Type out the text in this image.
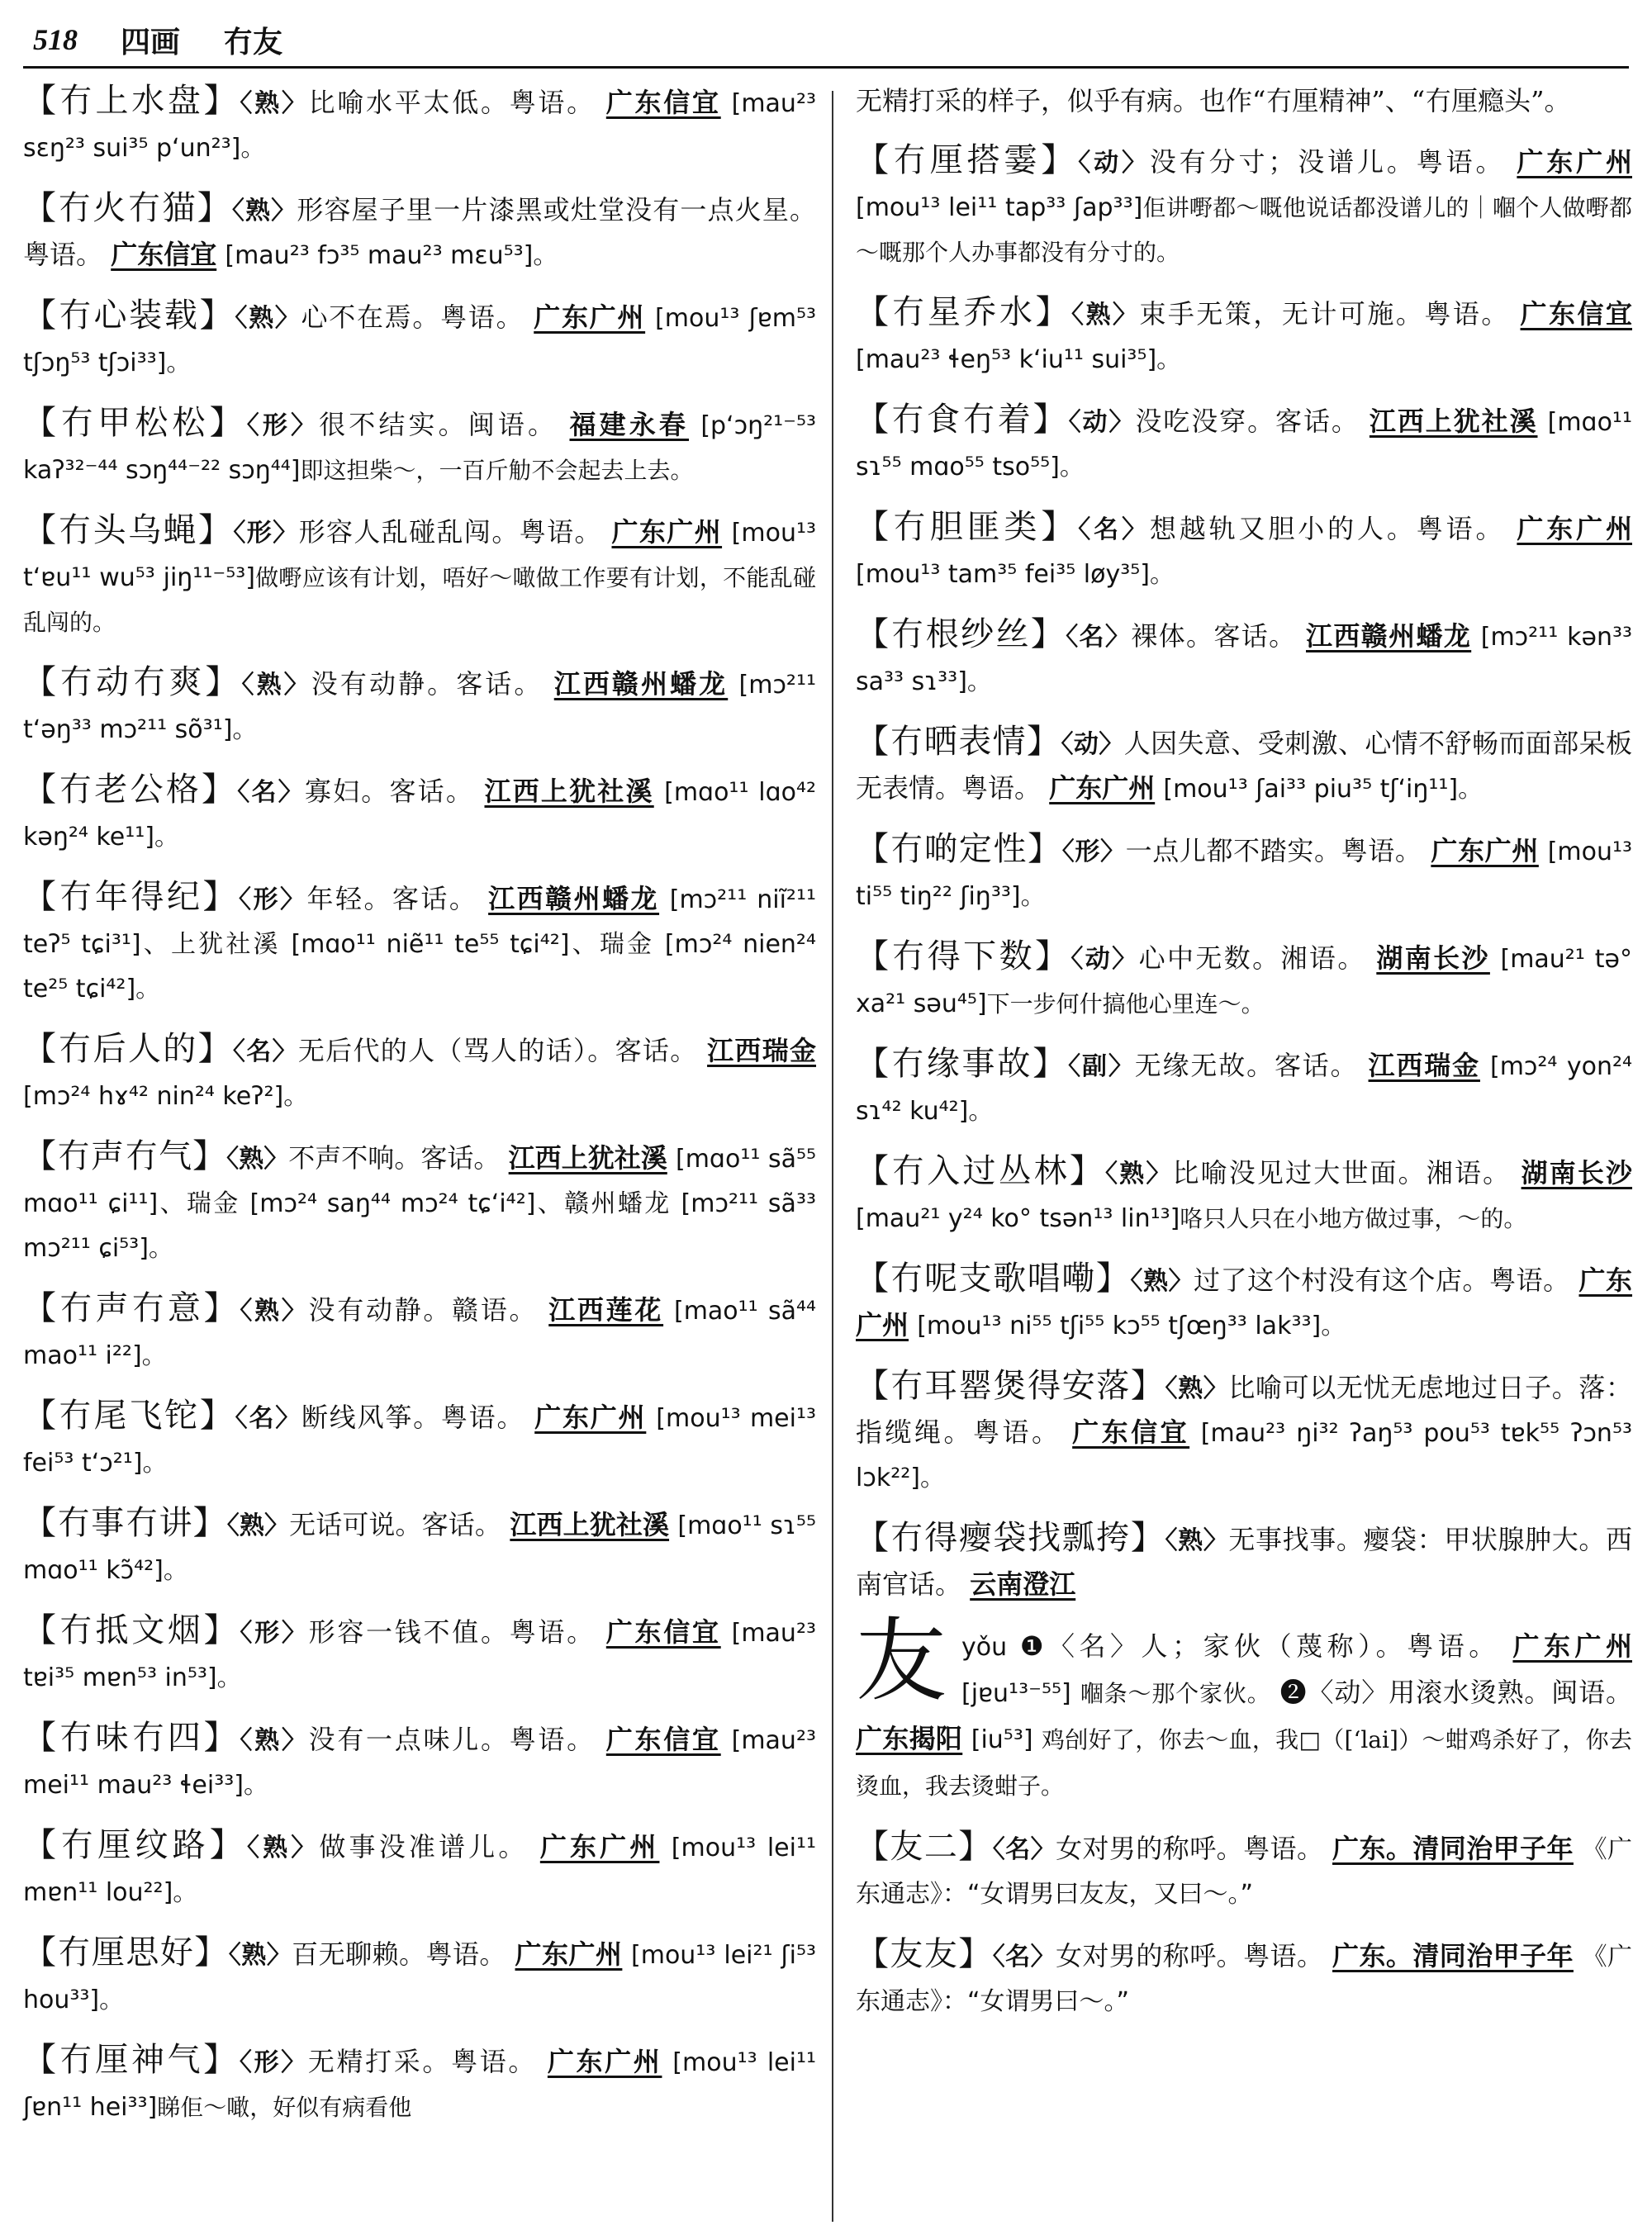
518 四画 冇友
【冇上水盘】〈熟〉比喻水平太低。粤语。 广东信宜 [mau²³ sɛŋ²³ sui³⁵ pʻun²³]。
【冇火冇猫】〈熟〉形容屋子里一片漆黑或灶堂没有一点火星。粤语。 广东信宜 [mau²³ fɔ³⁵ mau²³ mɛu⁵³]。
【冇心装载】〈熟〉心不在焉。粤语。 广东广州 [mou¹³ ʃɐm⁵³ tʃɔŋ⁵³ tʃɔi³³]。
【冇甲松松】〈形〉很不结实。闽语。 福建永春 [pʻɔŋ²¹⁻⁵³ kaʔ³²⁻⁴⁴ sɔŋ⁴⁴⁻²² sɔŋ⁴⁴]即这担柴～，一百斤觔不会起去上去。
【冇头乌蝇】〈形〉形容人乱碰乱闯。粤语。 广东广州 [mou¹³ tʻɐu¹¹ wu⁵³ jiŋ¹¹⁻⁵³]做嘢应该有计划，唔好～噉做工作要有计划，不能乱碰乱闯的。
【冇动冇爽】〈熟〉没有动静。客话。 江西赣州蟠龙 [mɔ²¹¹ tʻəŋ³³ mɔ²¹¹ sõ³¹]。
【冇老公格】〈名〉寡妇。客话。 江西上犹社溪 [mɑo¹¹ lɑo⁴² kəŋ²⁴ ke¹¹]。
【冇年得纪】〈形〉年轻。客话。 江西赣州蟠龙 [mɔ²¹¹ niĩ²¹¹ teʔ⁵ tɕi³¹]、上犹社溪 [mɑo¹¹ niẽ¹¹ te⁵⁵ tɕi⁴²]、瑞金 [mɔ²⁴ nien²⁴ te²⁵ tɕi⁴²]。
【冇后人的】〈名〉无后代的人（骂人的话）。客话。 江西瑞金 [mɔ²⁴ hɤ⁴² nin²⁴ keʔ²]。
【冇声冇气】〈熟〉不声不响。客话。 江西上犹社溪 [mɑo¹¹ sã⁵⁵ mɑo¹¹ ɕi¹¹]、瑞金 [mɔ²⁴ saŋ⁴⁴ mɔ²⁴ tɕʻi⁴²]、赣州蟠龙 [mɔ²¹¹ sã³³ mɔ²¹¹ ɕi⁵³]。
【冇声冇意】〈熟〉没有动静。赣语。 江西莲花 [mao¹¹ sã⁴⁴ mao¹¹ i²²]。
【冇尾飞铊】〈名〉断线风筝。粤语。 广东广州 [mou¹³ mei¹³ fei⁵³ tʻɔ²¹]。
【冇事冇讲】〈熟〉无话可说。客话。 江西上犹社溪 [mɑo¹¹ sɿ⁵⁵ mɑo¹¹ kɔ̃⁴²]。
【冇抵文烟】〈形〉形容一钱不值。粤语。 广东信宜 [mau²³ tɐi³⁵ mɐn⁵³ in⁵³]。
【冇味冇四】〈熟〉没有一点味儿。粤语。 广东信宜 [mau²³ mei¹¹ mau²³ ɬei³³]。
【冇厘纹路】〈熟〉做事没准谱儿。 广东广州 [mou¹³ lei¹¹ mɐn¹¹ lou²²]。
【冇厘思好】〈熟〉百无聊赖。粤语。 广东广州 [mou¹³ lei²¹ ʃi⁵³ hou³³]。
【冇厘神气】〈形〉无精打采。粤语。 广东广州 [mou¹³ lei¹¹ ʃɐn¹¹ hei³³]睇佢～噉，好似有病看他
无精打采的样子，似乎有病。也作“冇厘精神”、“冇厘瘾头”。
【冇厘搭霎】〈动〉没有分寸；没谱儿。粤语。 广东广州 [mou¹³ lei¹¹ tap³³ ʃap³³]佢讲嘢都～嘅他说话都没谱儿的｜嗰个人做嘢都～嘅那个人办事都没有分寸的。
【冇星乔水】〈熟〉束手无策，无计可施。粤语。 广东信宜 [mau²³ ɬeŋ⁵³ kʻiu¹¹ sui³⁵]。
【冇食冇着】〈动〉没吃没穿。客话。 江西上犹社溪 [mɑo¹¹ sɿ⁵⁵ mɑo⁵⁵ tso⁵⁵]。
【冇胆匪类】〈名〉想越轨又胆小的人。粤语。 广东广州 [mou¹³ tam³⁵ fei³⁵ løy³⁵]。
【冇根纱丝】〈名〉裸体。客话。 江西赣州蟠龙 [mɔ²¹¹ kən³³ sa³³ sɿ³³]。
【冇晒表情】〈动〉人因失意、受刺激、心情不舒畅而面部呆板无表情。粤语。 广东广州 [mou¹³ ʃai³³ piu³⁵ tʃʻiŋ¹¹]。
【冇啲定性】〈形〉一点儿都不踏实。粤语。 广东广州 [mou¹³ ti⁵⁵ tiŋ²² ʃiŋ³³]。
【冇得下数】〈动〉心中无数。湘语。 湖南长沙 [mau²¹ tə° xa²¹ səu⁴⁵]下一步何什搞他心里连～。
【冇缘事故】〈副〉无缘无故。客话。 江西瑞金 [mɔ²⁴ yon²⁴ sɿ⁴² ku⁴²]。
【冇入过丛林】〈熟〉比喻没见过大世面。湘语。 湖南长沙 [mau²¹ y²⁴ ko° tsən¹³ lin¹³]咯只人只在小地方做过事，～的。
【冇呢支歌唱嘞】〈熟〉过了这个村没有这个店。粤语。 广东广州 [mou¹³ ni⁵⁵ tʃi⁵⁵ kɔ⁵⁵ tʃœŋ³³ lak³³]。
【冇耳罂煲得安落】〈熟〉比喻可以无忧无虑地过日子。落：指缆绳。粤语。 广东信宜 [mau²³ ŋi³² ʔaŋ⁵³ pou⁵³ tɐk⁵⁵ ʔɔn⁵³ lɔk²²]。
【冇得瘿袋找瓢挎】〈熟〉无事找事。瘿袋：甲状腺肿大。西南官话。 云南澄江
友 yǒu ❶〈名〉人；家伙（蔑称）。粤语。 广东广州 [jɐu¹³⁻⁵⁵] 嗰条～那个家伙。 ❷〈动〉用滚水烫熟。闽语。 广东揭阳 [iu⁵³] 鸡刣好了，你去～血，我□（[ʻlai]）～蚶鸡杀好了，你去烫血，我去烫蚶子。
【友二】〈名〉女对男的称呼。粤语。 广东。清同治甲子年 《广东通志》：“女谓男曰友友，又曰～。”
【友友】〈名〉女对男的称呼。粤语。 广东。清同治甲子年 《广东通志》：“女谓男曰～。”
